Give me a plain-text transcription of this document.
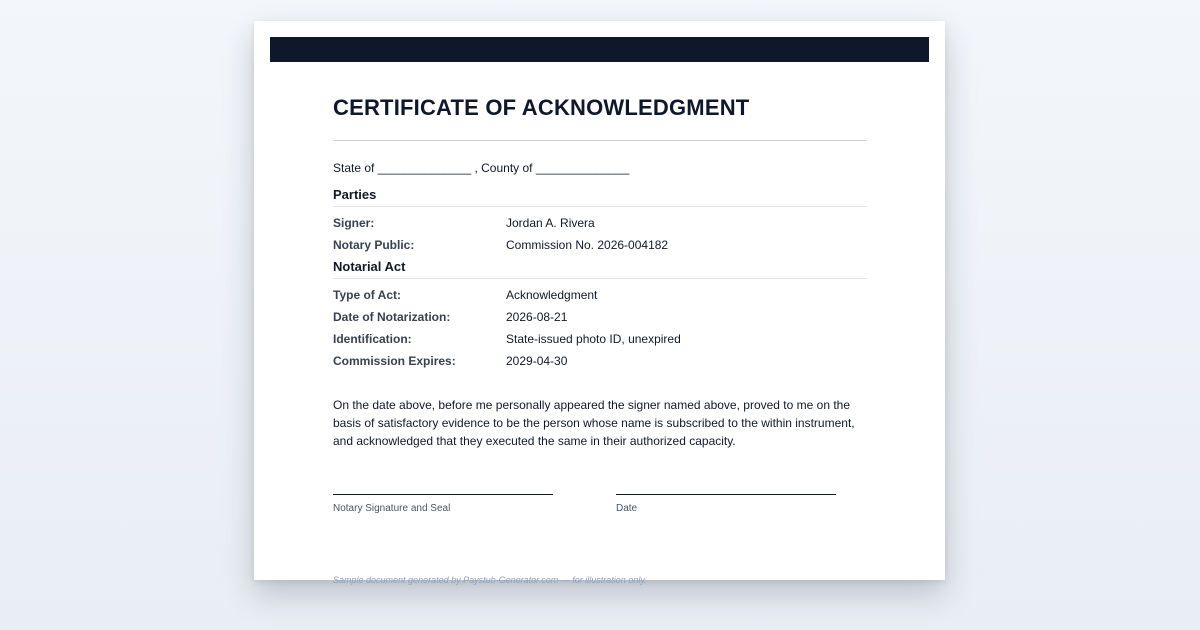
CERTIFICATE OF ACKNOWLEDGMENT
State of ______________ , County of ______________
Parties
Signer:	Jordan A. Rivera
Notary Public:	Commission No. 2026-004182
Notarial Act
Type of Act:	Acknowledgment
Date of Notarization:	2026-08-21
Identification:	State-issued photo ID, unexpired
Commission Expires:	2029-04-30

On the date above, before me personally appeared the signer named above, proved to me on the basis of satisfactory evidence to be the person whose name is subscribed to the within instrument, and acknowledged that they executed the same in their authorized capacity.

Notary Signature and Seal	Date
Sample document generated by Paystub-Generator.com — for illustration only.
